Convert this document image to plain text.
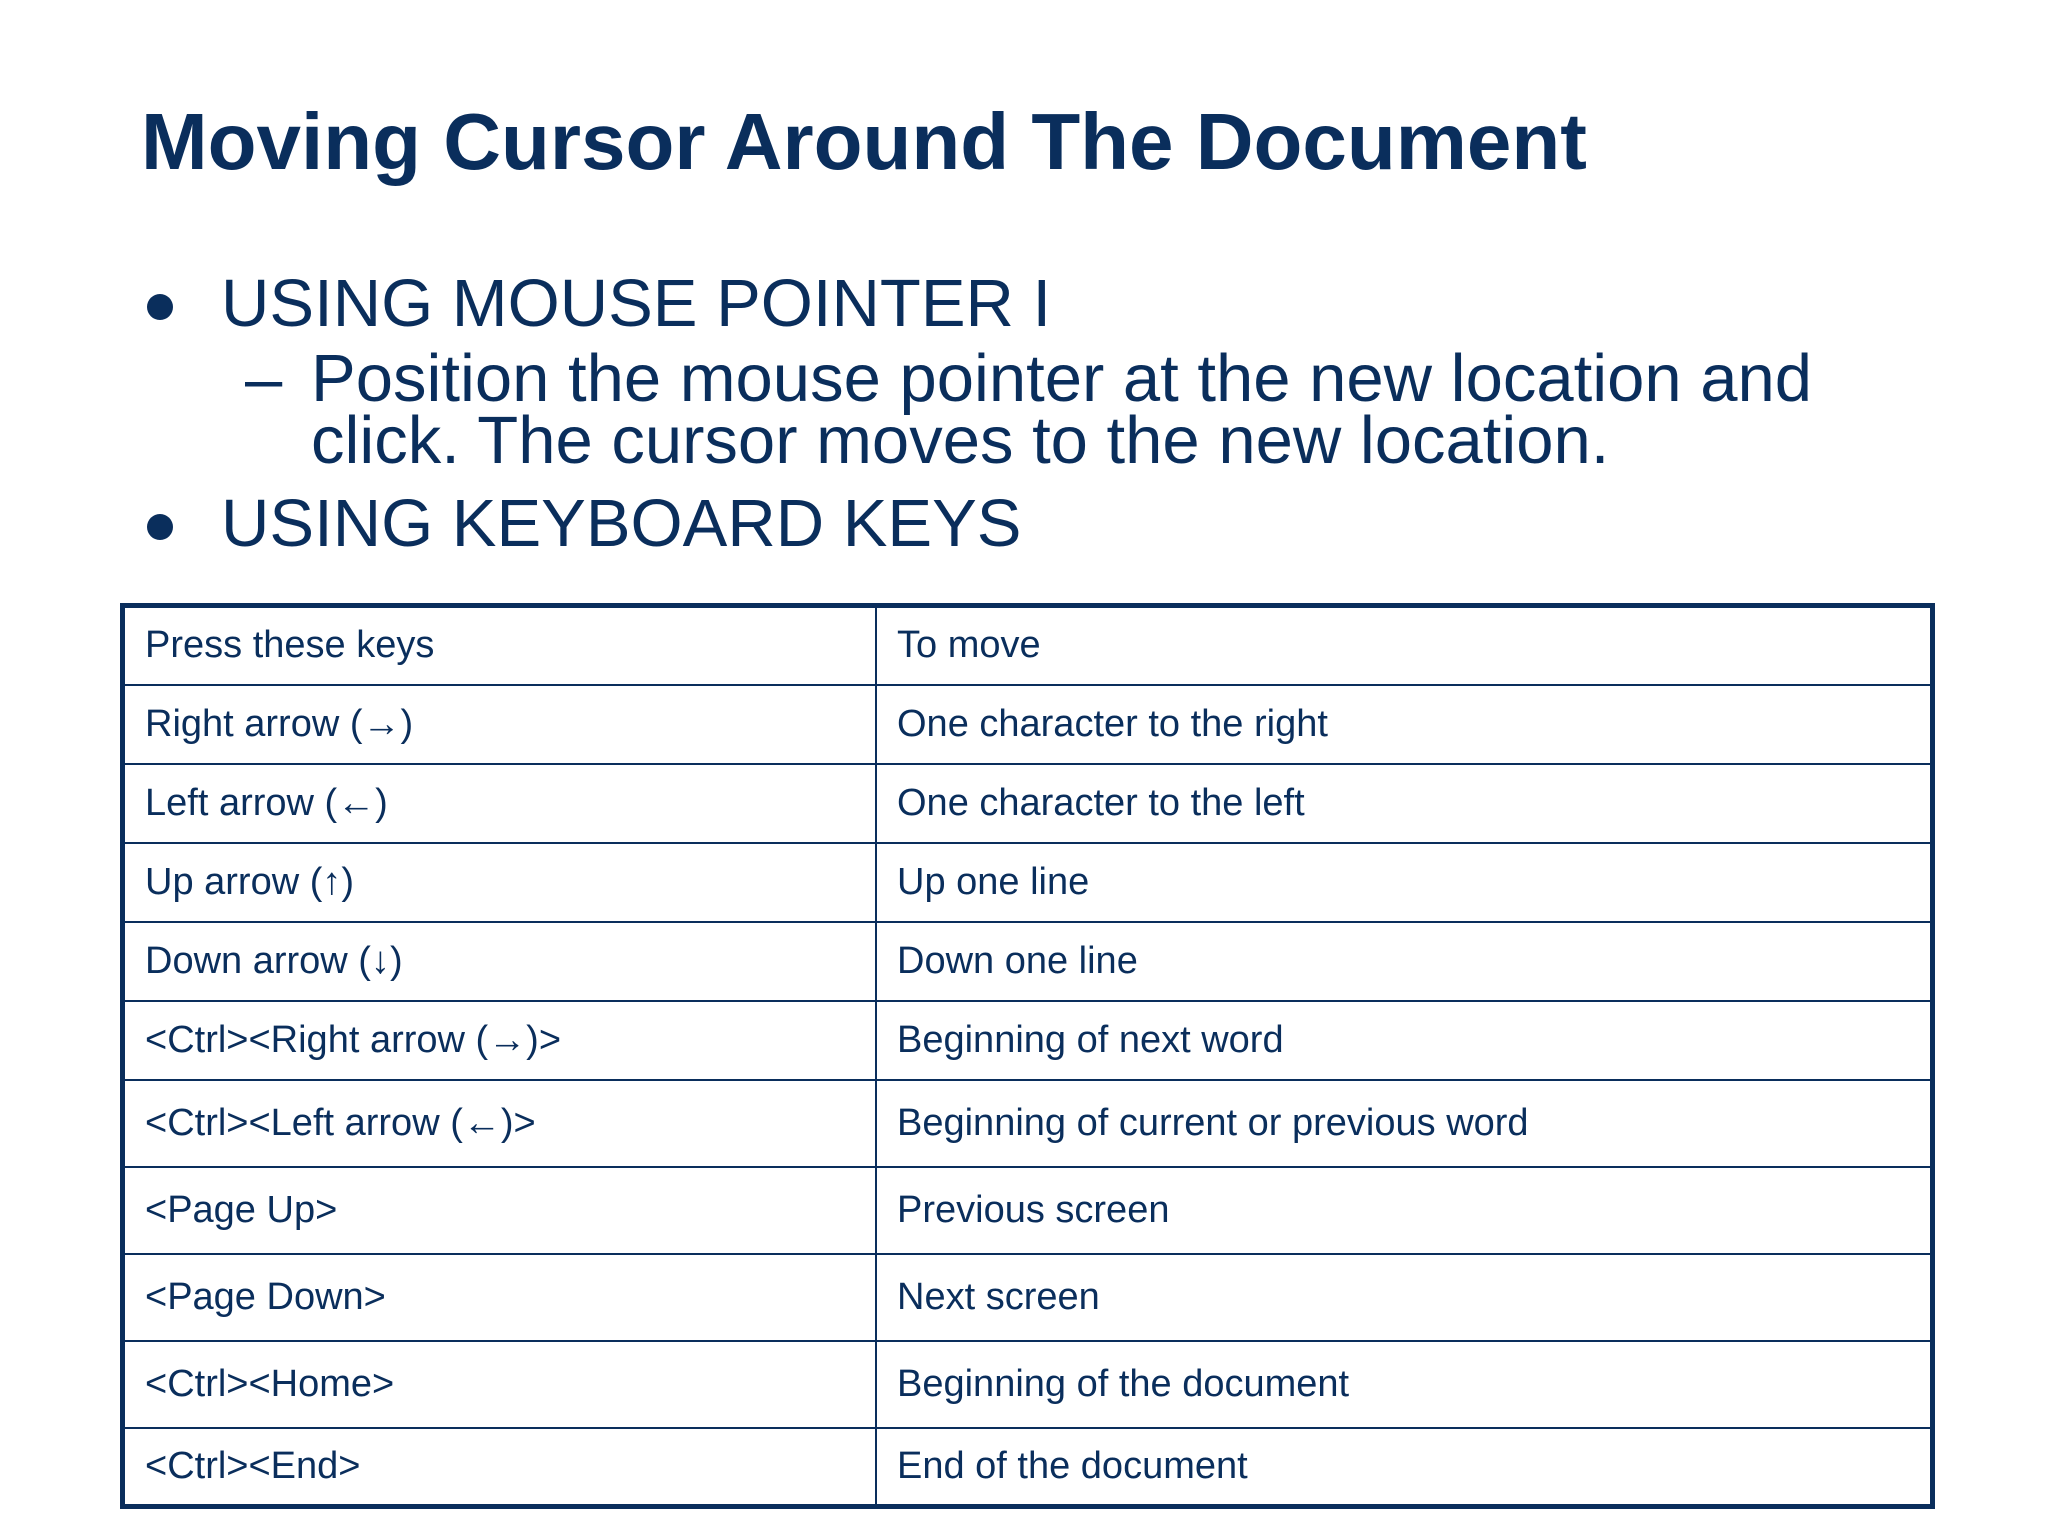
Moving Cursor Around The Document
USING MOUSE POINTER I
– Position the mouse pointer at the new location and click. The cursor moves to the new location.
USING KEYBOARD KEYS
Press these keys	To move
Right arrow (→)	One character to the right
Left arrow (←)	One character to the left
Up arrow (↑)	Up one line
Down arrow (↓)	Down one line
<Ctrl><Right arrow (→)>	Beginning of next word
<Ctrl><Left arrow (←)>	Beginning of current or previous word
<Page Up>	Previous screen
<Page Down>	Next screen
<Ctrl><Home>	Beginning of the document
<Ctrl><End>	End of the document
